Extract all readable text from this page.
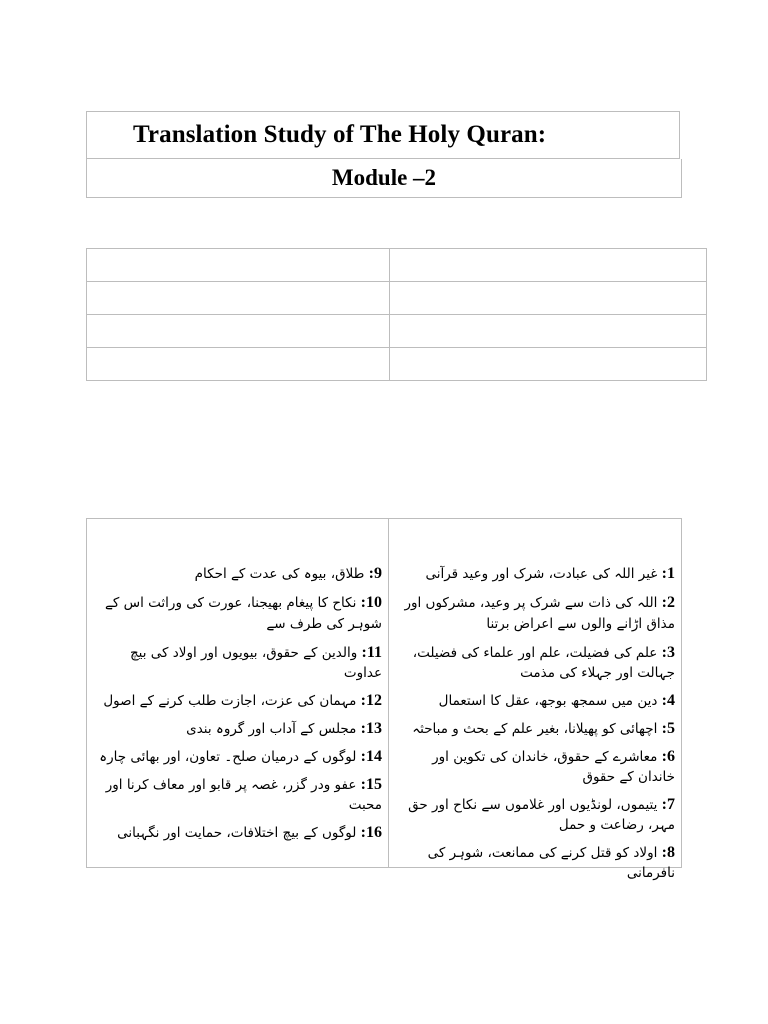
Translation Study of The Holy Quran:
Module –2

9: طلاق، بیوہ کی عدت کے احکام
10: نکاح کا پیغام بھیجنا، عورت کی وراثت اس کے شوہر کی طرف سے
11: والدین کے حقوق، بیویوں اور اولاد کی بیچ عداوت
12: مہمان کی عزت، اجازت طلب کرنے کے اصول
13: مجلس کے آداب اور گروہ بندی
14: لوگوں کے درمیان صلح۔ تعاون، اور بھائی چارہ
15: عفو ودر گزر، غصہ پر قابو اور معاف کرنا اور محبت
16: لوگوں کے بیچ اختلافات، حمایت اور نگہبانی
1: غیر اللہ کی عبادت، شرک اور وعید قرآنی
2: اللہ کی ذات سے شرک پر وعید، مشرکوں اور مذاق اڑانے والوں سے اعراض برتنا
3: علم کی فضیلت، علم اور علماء کی فضیلت، جہالت اور جہلاء کی مذمت
4: دین میں سمجھ بوجھ، عقل کا استعمال
5: اچھائی کو پھیلانا، بغیر علم کے بحث و مباحثہ
6: معاشرے کے حقوق، خاندان کی تکوین اور خاندان کے حقوق
7: یتیموں، لونڈیوں اور غلاموں سے نکاح اور حق مہر، رضاعت و حمل
8: اولاد کو قتل کرنے کی ممانعت، شوہر کی نافرمانی
